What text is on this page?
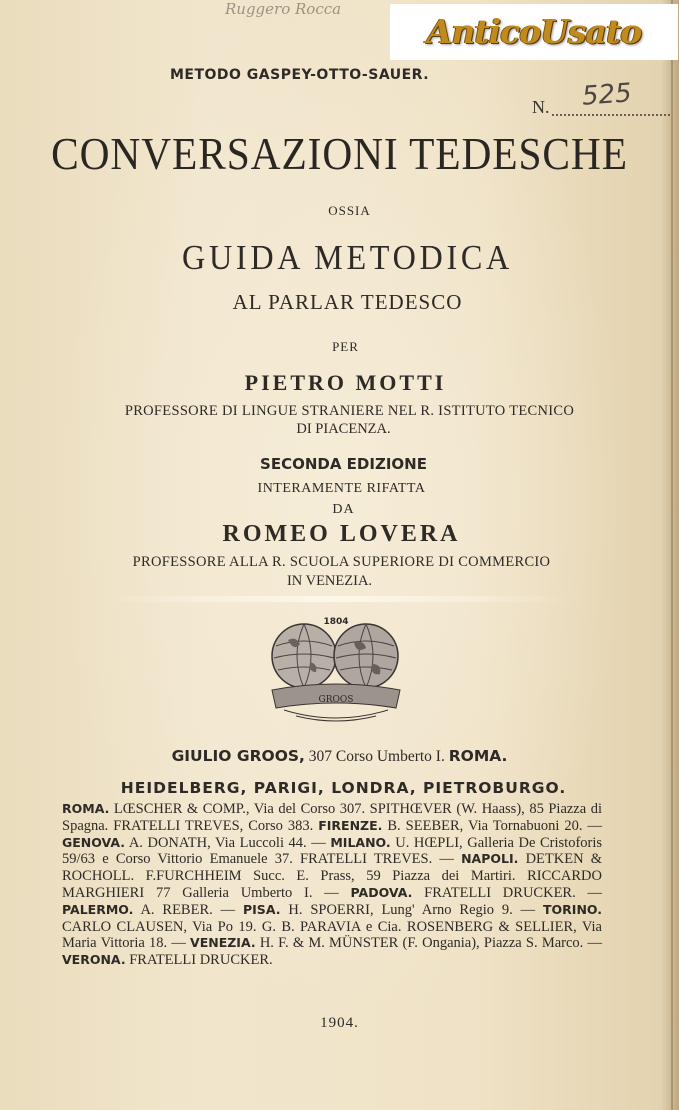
Ruggero Rocca
AnticoUsato
METODO GASPEY-OTTO-SAUER.
N. 525
CONVERSAZIONI TEDESCHE
OSSIA
GUIDA METODICA
AL PARLAR TEDESCO
PER
PIETRO MOTTI
PROFESSORE DI LINGUE STRANIERE NEL R. ISTITUTO TECNICO
DI PIACENZA.
SECONDA EDIZIONE
INTERAMENTE RIFATTA
DA
ROMEO LOVERA
PROFESSORE ALLA R. SCUOLA SUPERIORE DI COMMERCIO
IN VENEZIA.
1804
GROOS
GIULIO GROOS, 307 Corso Umberto I. ROMA.
HEIDELBERG, PARIGI, LONDRA, PIETROBURGO.
ROMA. LŒSCHER & COMP., Via del Corso 307. SPITHŒVER (W. Haass), 85 Piazza di Spagna. FRATELLI TREVES, Corso 383. FIRENZE. B. SEEBER, Via Tornabuoni 20. — GENOVA. A. DONATH, Via Luccoli 44. — MILANO. U. HŒPLI, Galleria De Cristoforis 59/63 e Corso Vittorio Emanuele 37. FRATELLI TREVES. — NAPOLI. DETKEN & ROCHOLL. F.FURCHHEIM Succ. E. Prass, 59 Piazza dei Martiri. RICCARDO MARGHIERI 77 Galleria Umberto I. — PADOVA. FRATELLI DRUCKER. — PALERMO. A. REBER. — PISA. H. SPOERRI, Lung' Arno Regio 9. — TORINO. CARLO CLAUSEN, Via Po 19. G. B. PARAVIA e Cia. ROSENBERG & SELLIER, Via Maria Vittoria 18. — VENEZIA. H. F. & M. MÜNSTER (F. Ongania), Piazza S. Marco. — VERONA. FRATELLI DRUCKER.
1904.
